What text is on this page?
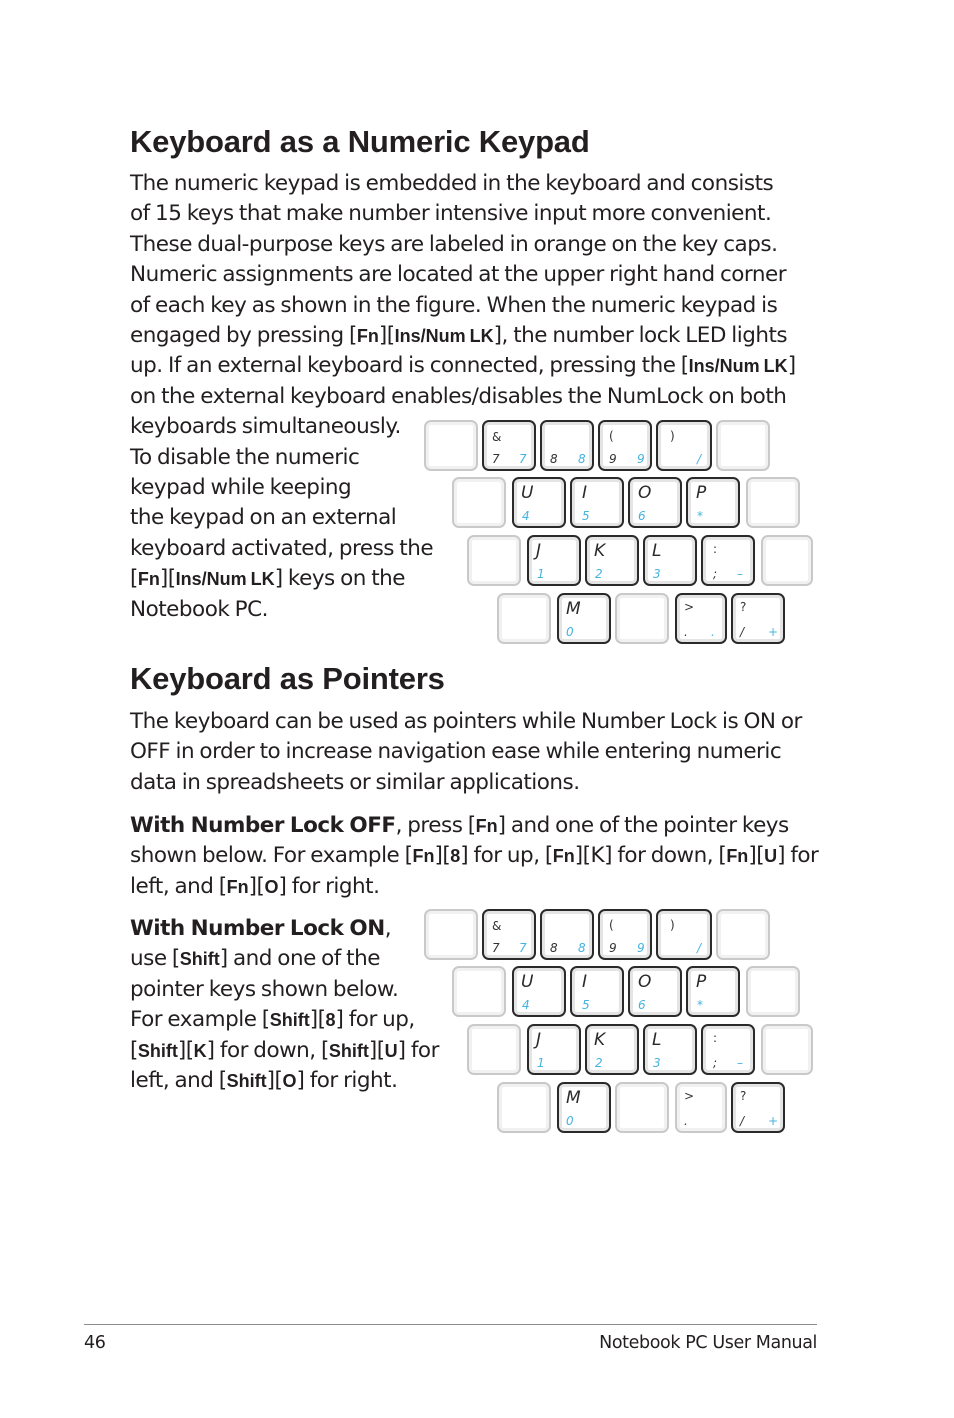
Keyboard as a Numeric Keypad
The numeric keypad is embedded in the keyboard and consists
of 15 keys that make number intensive input more convenient.
These dual-purpose keys are labeled in orange on the key caps.
Numeric assignments are located at the upper right hand corner
of each key as shown in the figure. When the numeric keypad is
engaged by pressing [Fn][Ins/Num LK], the number lock LED lights
up. If an external keyboard is connected, pressing the [Ins/Num LK]
on the external keyboard enables/disables the NumLock on both
keyboards simultaneously.
To disable the numeric
keypad while keeping
the keypad on an external
keyboard activated, press the
[Fn][Ins/Num LK] keys on the
Notebook PC.
&
7 7 8 8
(
9 9
)
/
U
4
I
5
O
6
P
*
J
1
K
2
L
3
:
; –
M
0
>
. .
?
/ +
Keyboard as Pointers
The keyboard can be used as pointers while Number Lock is ON or
OFF in order to increase navigation ease while entering numeric
data in spreadsheets or similar applications.
With Number Lock OFF, press [Fn] and one of the pointer keys
shown below. For example [Fn][8] for up, [Fn][K] for down, [Fn][U] for
left, and [Fn][O] for right.
With Number Lock ON,
use [Shift] and one of the
pointer keys shown below.
For example [Shift][8] for up,
[Shift][K] for down, [Shift][U] for
left, and [Shift][O] for right.
&
7 7 8 8
(
9 9
)
/
U
4
I
5
O
6
P
*
J
1
K
2
L
3
:
; –
M
0
>
.
?
/ +
46	Notebook PC User Manual
